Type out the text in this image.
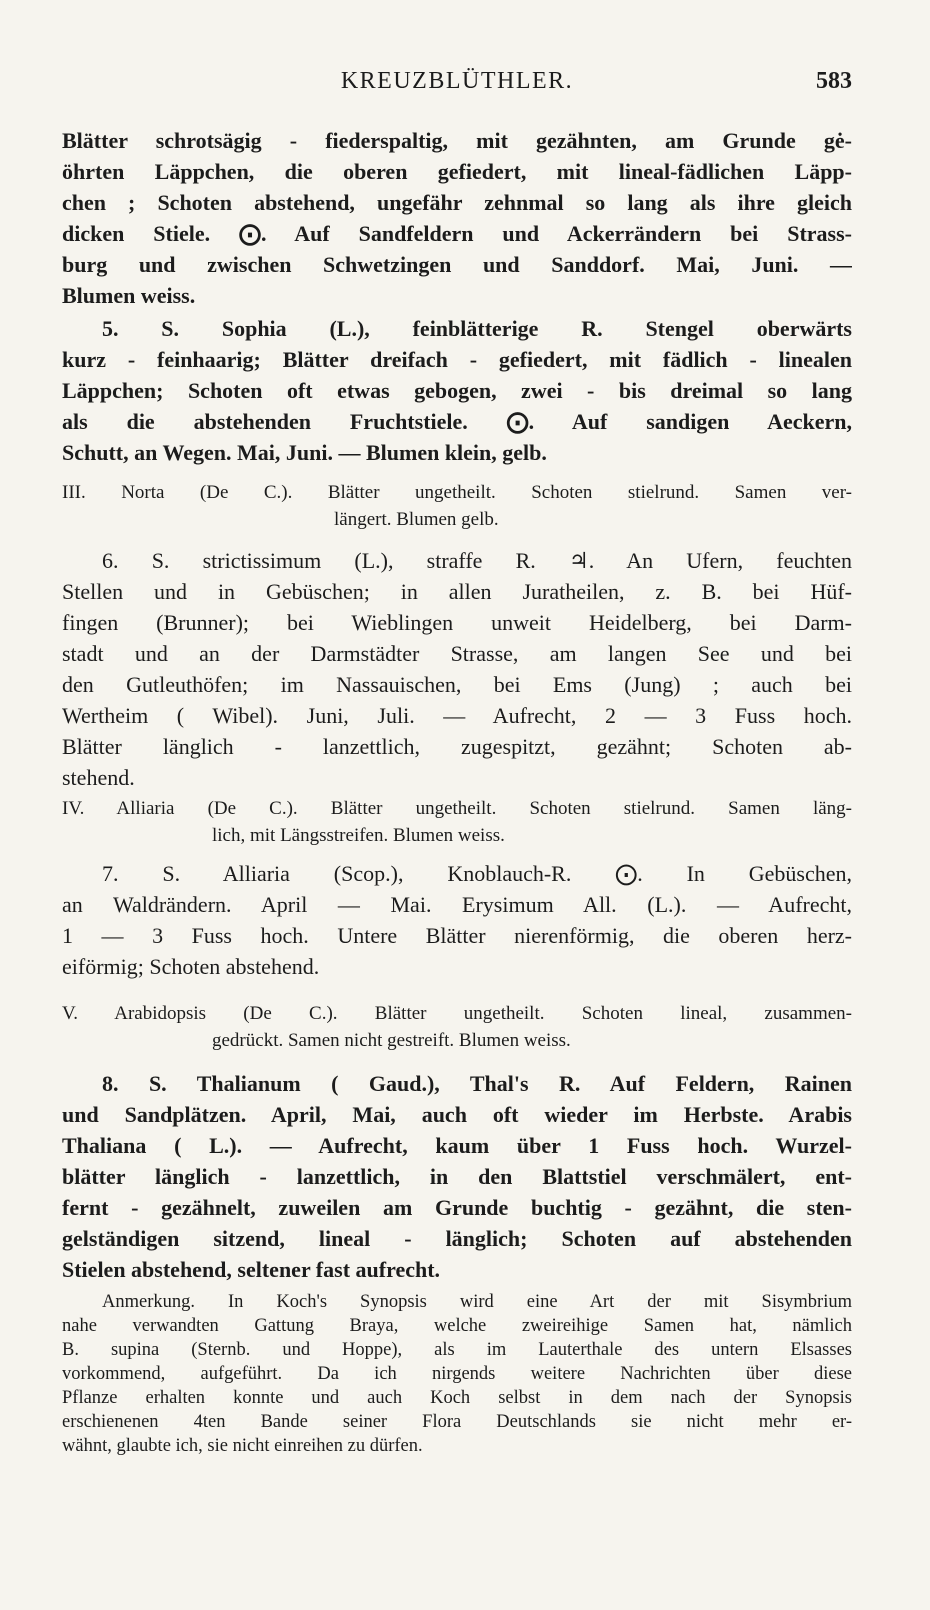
KREUZBLÜTHLER.	583
Blätter schrotsägig - fiederspaltig, mit gezähnten, am Grunde gė-
öhrten Läppchen, die oberen gefiedert, mit lineal-fädlichen Läpp-
chen ; Schoten abstehend, ungefähr zehnmal so lang als ihre gleich
dicken Stiele. ⨀. Auf Sandfeldern und Ackerrändern bei Strass-
burg und zwischen Schwetzingen und Sanddorf. Mai, Juni. —
Blumen weiss.
5. S. Sophia (L.), feinblätterige R. Stengel oberwärts
kurz - feinhaarig; Blätter dreifach - gefiedert, mit fädlich - linealen
Läppchen; Schoten oft etwas gebogen, zwei - bis dreimal so lang
als die abstehenden Fruchtstiele. ⨀. Auf sandigen Aeckern,
Schutt, an Wegen. Mai, Juni. — Blumen klein, gelb.
III. Norta (De C.). Blätter ungetheilt. Schoten stielrund. Samen ver-
längert. Blumen gelb.
6. S. strictissimum (L.), straffe R. ♃. An Ufern, feuchten
Stellen und in Gebüschen; in allen Juratheilen, z. B. bei Hüf-
fingen (Brunner); bei Wieblingen unweit Heidelberg, bei Darm-
stadt und an der Darmstädter Strasse, am langen See und bei
den Gutleuthöfen; im Nassauischen, bei Ems (Jung) ; auch bei
Wertheim ( Wibel). Juni, Juli. — Aufrecht, 2 — 3 Fuss hoch.
Blätter länglich - lanzettlich, zugespitzt, gezähnt; Schoten ab-
stehend.
IV. Alliaria (De C.). Blätter ungetheilt. Schoten stielrund. Samen läng-
lich, mit Längsstreifen. Blumen weiss.
7. S. Alliaria (Scop.), Knoblauch-R. ⨀. In Gebüschen,
an Waldrändern. April — Mai. Erysimum All. (L.). — Aufrecht,
1 — 3 Fuss hoch. Untere Blätter nierenförmig, die oberen herz-
eiförmig; Schoten abstehend.
V. Arabidopsis (De C.). Blätter ungetheilt. Schoten lineal, zusammen-
gedrückt. Samen nicht gestreift. Blumen weiss.
8. S. Thalianum ( Gaud.), Thal's R. Auf Feldern, Rainen
und Sandplätzen. April, Mai, auch oft wieder im Herbste. Arabis
Thaliana ( L.). — Aufrecht, kaum über 1 Fuss hoch. Wurzel-
blätter länglich - lanzettlich, in den Blattstiel verschmälert, ent-
fernt - gezähnelt, zuweilen am Grunde buchtig - gezähnt, die sten-
gelständigen sitzend, lineal - länglich; Schoten auf abstehenden
Stielen abstehend, seltener fast aufrecht.
Anmerkung. In Koch's Synopsis wird eine Art der mit Sisymbrium
nahe verwandten Gattung Braya, welche zweireihige Samen hat, nämlich
B. supina (Sternb. und Hoppe), als im Lauterthale des untern Elsasses
vorkommend, aufgeführt. Da ich nirgends weitere Nachrichten über diese
Pflanze erhalten konnte und auch Koch selbst in dem nach der Synopsis
erschienenen 4ten Bande seiner Flora Deutschlands sie nicht mehr er-
wähnt, glaubte ich, sie nicht einreihen zu dürfen.
